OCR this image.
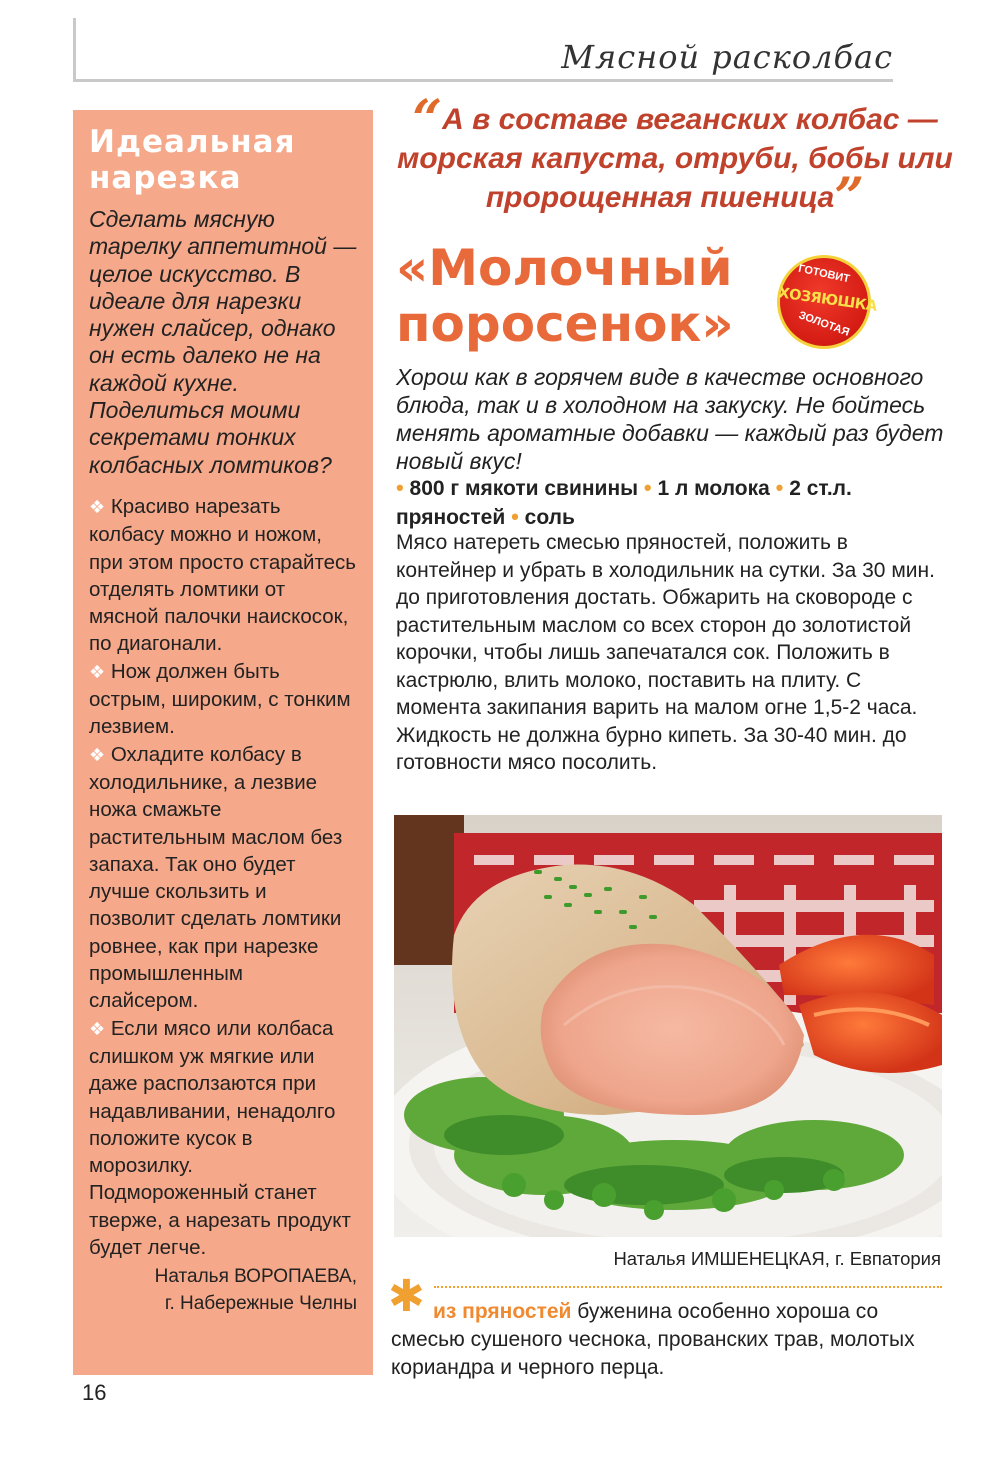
Мясной расколбас
Идеальная
нарезка
Сделать мясную тарелку аппетитной — целое искусство. В идеале для нарезки нужен слайсер, однако он есть далеко не на каждой кухне. Поделиться моими секретами тонких колбасных ломтиков?
❖ Красиво нарезать колбасу можно и ножом, при этом просто старайтесь отделять ломтики от мясной палочки наискосок, по диагонали.
❖ Нож должен быть острым, широким, с тонким лезвием.
❖ Охладите колбасу в холодильнике, а лезвие ножа смажьте растительным маслом без запаха. Так оно будет лучше скользить и позволит сделать ломтики ровнее, как при нарезке промышленным слайсером.
❖ Если мясо или колбаса слишком уж мягкие или даже расползаются при надавливании, ненадолго положите кусок в морозилку. Подмороженный станет тверже, а нарезать продукт будет легче.
Наталья ВОРОПАЕВА,
г. Набережные Челны
16
“А в составе веганских колбас — морская капуста, отруби, бобы или пророщенная пшеница”
«Молочный
поросенок»
ГОТОВИТ
ХОЗЯЮШКА
ЗОЛОТАЯ
Хорош как в горячем виде в качестве основного блюда, так и в холодном на закуску. Не бойтесь менять ароматные добавки — каждый раз будет новый вкус!
• 800 г мякоти свинины • 1 л молока • 2 ст.л. пряностей • соль
Мясо натереть смесью пряностей, положить в контейнер и убрать в холодильник на сутки. За 30 мин. до приготовления достать. Обжарить на сковороде с растительным маслом со всех сторон до золотистой корочки, чтобы лишь запечатался сок. Положить в кастрюлю, влить молоко, поставить на плиту. С момента закипания варить на малом огне 1,5-2 часа. Жидкость не должна бурно кипеть. За 30-40 мин. до готовности мясо посолить.
Наталья ИМШЕНЕЦКАЯ, г. Евпатория
✱ из пряностей буженина особенно хороша со смесью сушеного чеснока, прованских трав, молотых кориандра и черного перца.
